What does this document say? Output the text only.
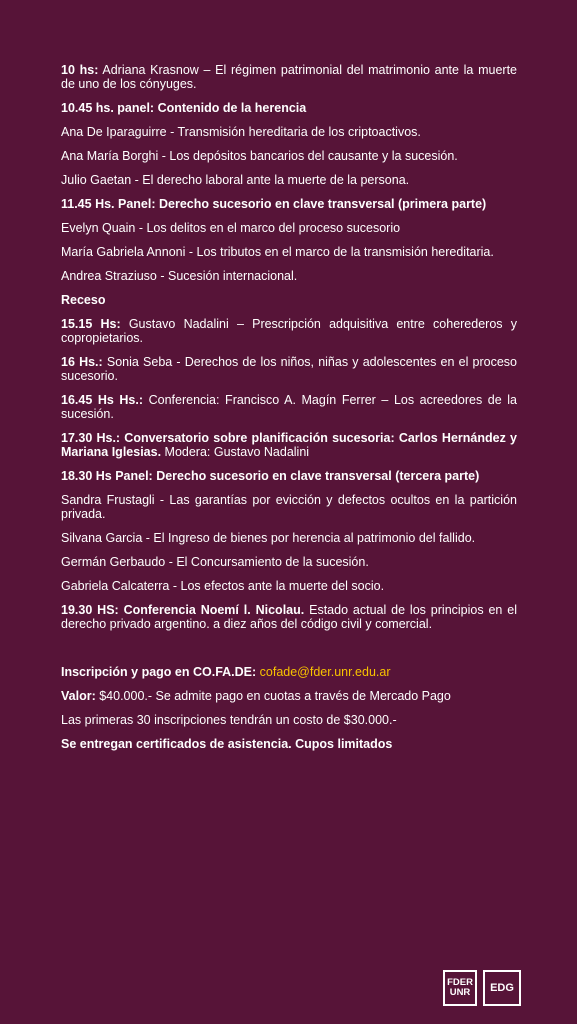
10 hs: Adriana Krasnow – El régimen patrimonial del matrimonio ante la muerte de uno de los cónyuges.

10.45 hs. panel: Contenido de la herencia

Ana De Iparaguirre - Transmisión hereditaria de los criptoactivos.

Ana María Borghi - Los depósitos bancarios del causante y la sucesión.

Julio Gaetan - El derecho laboral ante la muerte de la persona.

11.45 Hs. Panel: Derecho sucesorio en clave transversal (primera parte)

Evelyn Quain - Los delitos en el marco del proceso sucesorio

María Gabriela Annoni - Los tributos en el marco de la transmisión hereditaria.

Andrea Straziuso - Sucesión internacional.

Receso

15.15 Hs: Gustavo Nadalini – Prescripción adquisitiva entre coherederos y copropietarios.

16 Hs.: Sonia Seba - Derechos de los niños, niñas y adolescentes en el proceso sucesorio.

16.45 Hs Hs.: Conferencia: Francisco A. Magín Ferrer – Los acreedores de la sucesión.

17.30 Hs.: Conversatorio sobre planificación sucesoria: Carlos Hernández y Mariana Iglesias. Modera: Gustavo Nadalini

18.30 Hs Panel: Derecho sucesorio en clave transversal (tercera parte)

Sandra Frustagli - Las garantías por evicción y defectos ocultos en la partición privada.

Silvana Garcia - El Ingreso de bienes por herencia al patrimonio del fallido.

Germán Gerbaudo - El Concursamiento de la sucesión.

Gabriela Calcaterra - Los efectos ante la muerte del socio.

19.30 HS: Conferencia Noemí l. Nicolau. Estado actual de los principios en el derecho privado argentino. a diez años del código civil y comercial.

Inscripción y pago en CO.FA.DE: cofade@fder.unr.edu.ar

Valor: $40.000.- Se admite pago en cuotas a través de Mercado Pago

Las primeras 30 inscripciones tendrán un costo de $30.000.-

Se entregan certificados de asistencia. Cupos limitados

FDER
UNR EDG
